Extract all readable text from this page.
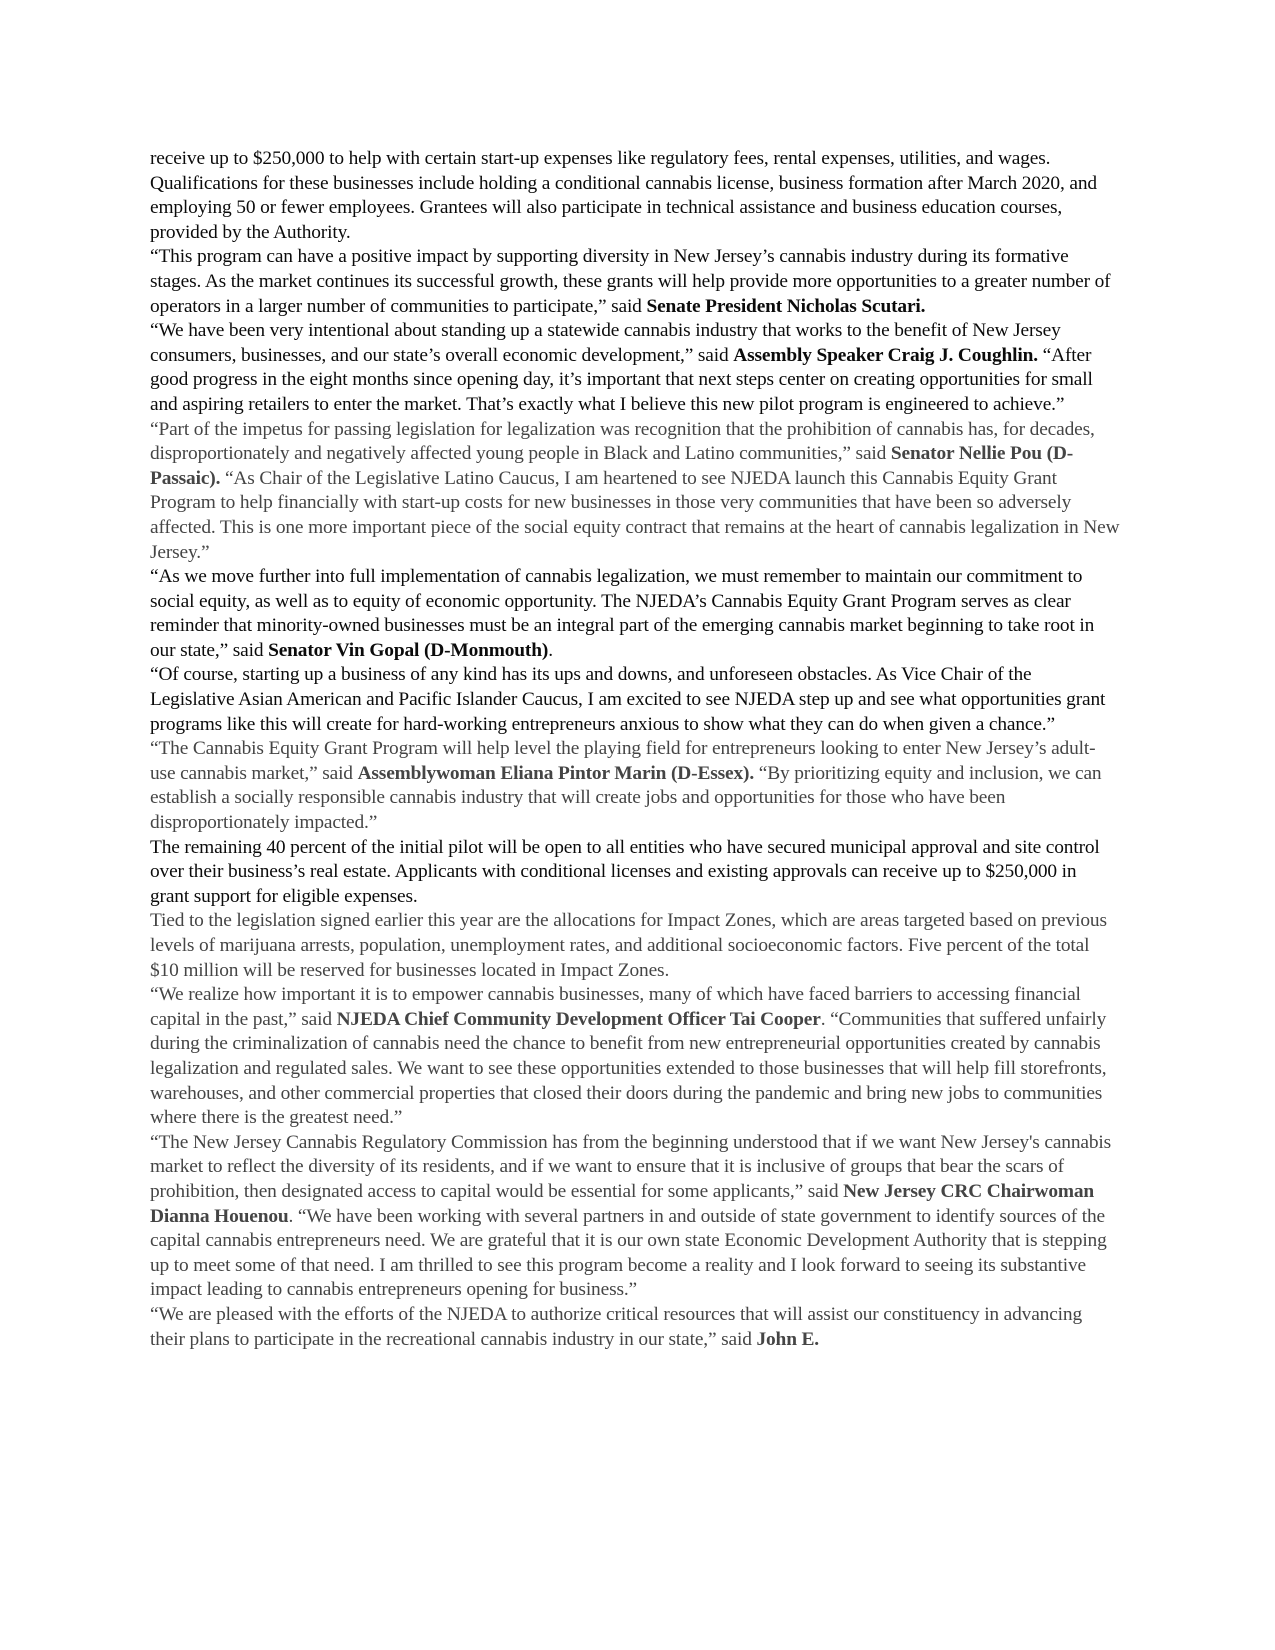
receive up to $250,000 to help with certain start-up expenses like regulatory fees, rental expenses, utilities, and wages. Qualifications for these businesses include holding a conditional cannabis license, business formation after March 2020, and employing 50 or fewer employees. Grantees will also participate in technical assistance and business education courses, provided by the Authority.

“This program can have a positive impact by supporting diversity in New Jersey’s cannabis industry during its formative stages. As the market continues its successful growth, these grants will help provide more opportunities to a greater number of operators in a larger number of communities to participate,” said Senate President Nicholas Scutari.

“We have been very intentional about standing up a statewide cannabis industry that works to the benefit of New Jersey consumers, businesses, and our state’s overall economic development,” said Assembly Speaker Craig J. Coughlin. “After good progress in the eight months since opening day, it’s important that next steps center on creating opportunities for small and aspiring retailers to enter the market. That’s exactly what I believe this new pilot program is engineered to achieve.”

“Part of the impetus for passing legislation for legalization was recognition that the prohibition of cannabis has, for decades, disproportionately and negatively affected young people in Black and Latino communities,” said Senator Nellie Pou (D-Passaic). “As Chair of the Legislative Latino Caucus, I am heartened to see NJEDA launch this Cannabis Equity Grant Program to help financially with start-up costs for new businesses in those very communities that have been so adversely affected. This is one more important piece of the social equity contract that remains at the heart of cannabis legalization in New Jersey.”

“As we move further into full implementation of cannabis legalization, we must remember to maintain our commitment to social equity, as well as to equity of economic opportunity. The NJEDA’s Cannabis Equity Grant Program serves as clear reminder that minority-owned businesses must be an integral part of the emerging cannabis market beginning to take root in our state,” said Senator Vin Gopal (D-Monmouth).

“Of course, starting up a business of any kind has its ups and downs, and unforeseen obstacles. As Vice Chair of the Legislative Asian American and Pacific Islander Caucus, I am excited to see NJEDA step up and see what opportunities grant programs like this will create for hard-working entrepreneurs anxious to show what they can do when given a chance.”

“The Cannabis Equity Grant Program will help level the playing field for entrepreneurs looking to enter New Jersey’s adult-use cannabis market,” said Assemblywoman Eliana Pintor Marin (D-Essex). “By prioritizing equity and inclusion, we can establish a socially responsible cannabis industry that will create jobs and opportunities for those who have been disproportionately impacted.”

The remaining 40 percent of the initial pilot will be open to all entities who have secured municipal approval and site control over their business’s real estate. Applicants with conditional licenses and existing approvals can receive up to $250,000 in grant support for eligible expenses.

Tied to the legislation signed earlier this year are the allocations for Impact Zones, which are areas targeted based on previous levels of marijuana arrests, population, unemployment rates, and additional socioeconomic factors. Five percent of the total $10 million will be reserved for businesses located in Impact Zones.

“We realize how important it is to empower cannabis businesses, many of which have faced barriers to accessing financial capital in the past,” said NJEDA Chief Community Development Officer Tai Cooper. “Communities that suffered unfairly during the criminalization of cannabis need the chance to benefit from new entrepreneurial opportunities created by cannabis legalization and regulated sales. We want to see these opportunities extended to those businesses that will help fill storefronts, warehouses, and other commercial properties that closed their doors during the pandemic and bring new jobs to communities where there is the greatest need.”

“The New Jersey Cannabis Regulatory Commission has from the beginning understood that if we want New Jersey's cannabis market to reflect the diversity of its residents, and if we want to ensure that it is inclusive of groups that bear the scars of prohibition, then designated access to capital would be essential for some applicants,” said New Jersey CRC Chairwoman Dianna Houenou. “We have been working with several partners in and outside of state government to identify sources of the capital cannabis entrepreneurs need. We are grateful that it is our own state Economic Development Authority that is stepping up to meet some of that need. I am thrilled to see this program become a reality and I look forward to seeing its substantive impact leading to cannabis entrepreneurs opening for business.”

“We are pleased with the efforts of the NJEDA to authorize critical resources that will assist our constituency in advancing their plans to participate in the recreational cannabis industry in our state,” said John E.
